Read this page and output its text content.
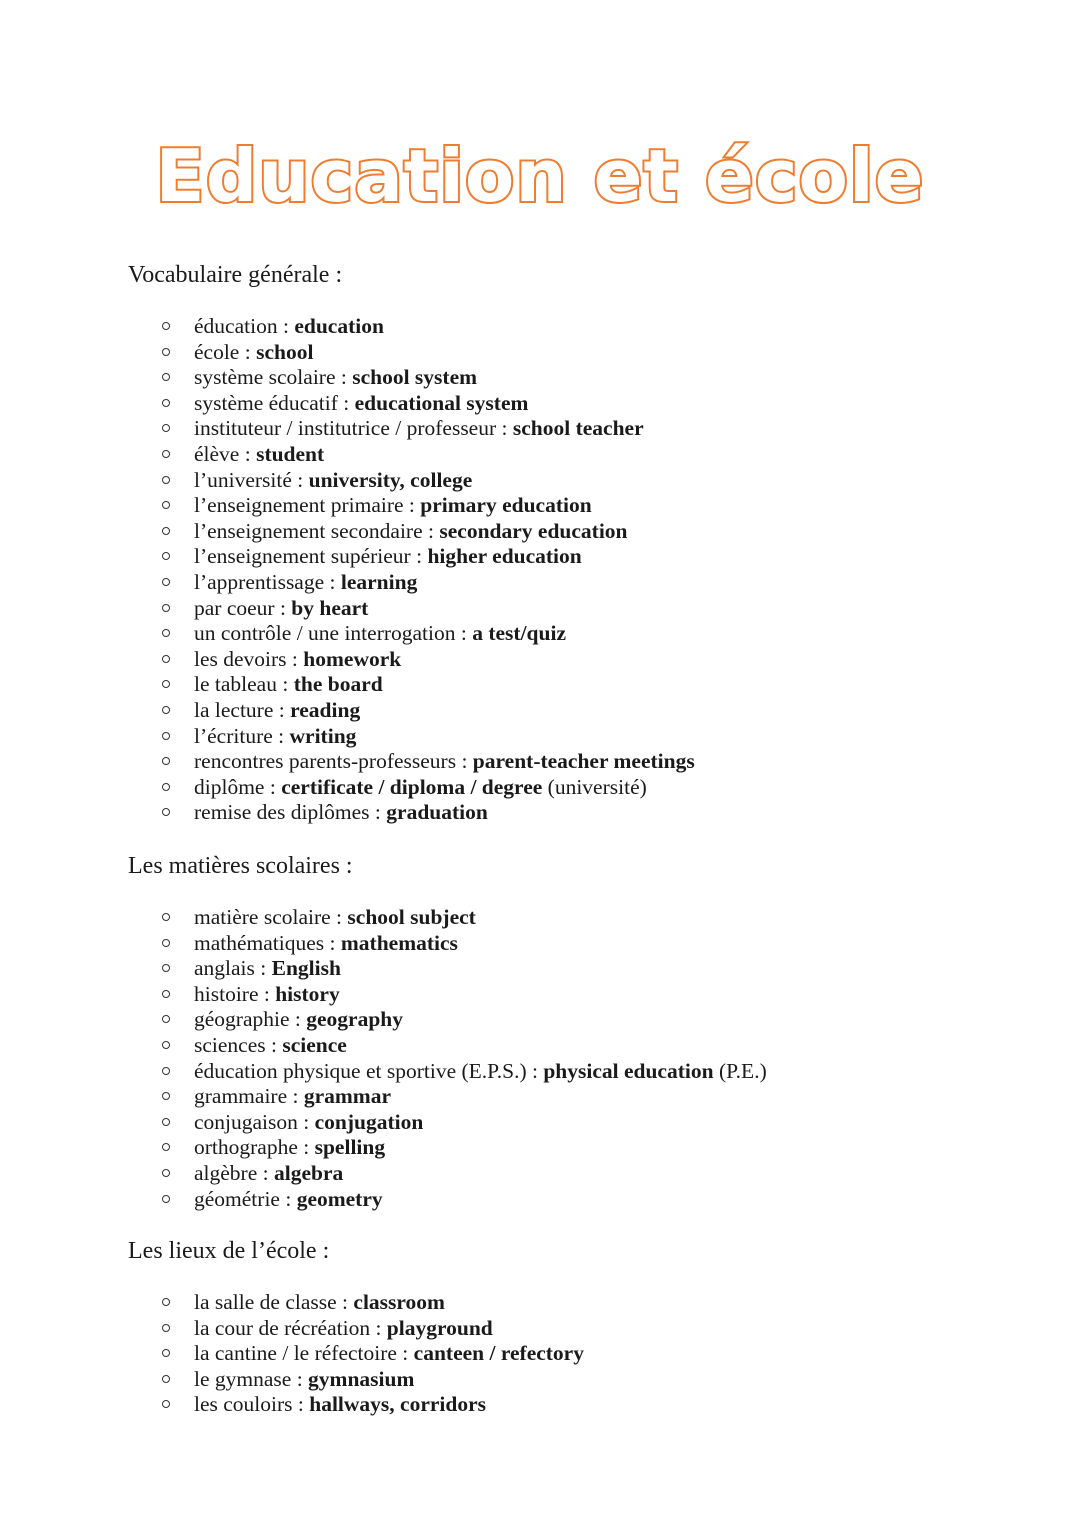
Education et école
Vocabulaire générale :
éducation : education
école : school
système scolaire : school system
système éducatif : educational system
instituteur / institutrice / professeur : school teacher
élève : student
l’université : university, college
l’enseignement primaire : primary education
l’enseignement secondaire : secondary education
l’enseignement supérieur : higher education
l’apprentissage : learning
par coeur : by heart
un contrôle / une interrogation : a test/quiz
les devoirs : homework
le tableau : the board
la lecture : reading
l’écriture : writing
rencontres parents-professeurs : parent-teacher meetings
diplôme : certificate / diploma / degree (université)
remise des diplômes : graduation
Les matières scolaires :
matière scolaire : school subject
mathématiques : mathematics
anglais : English
histoire : history
géographie : geography
sciences : science
éducation physique et sportive (E.P.S.) : physical education (P.E.)
grammaire : grammar
conjugaison : conjugation
orthographe : spelling
algèbre : algebra
géométrie : geometry
Les lieux de l’école :
la salle de classe : classroom
la cour de récréation : playground
la cantine / le réfectoire : canteen / refectory
le gymnase : gymnasium
les couloirs : hallways, corridors
